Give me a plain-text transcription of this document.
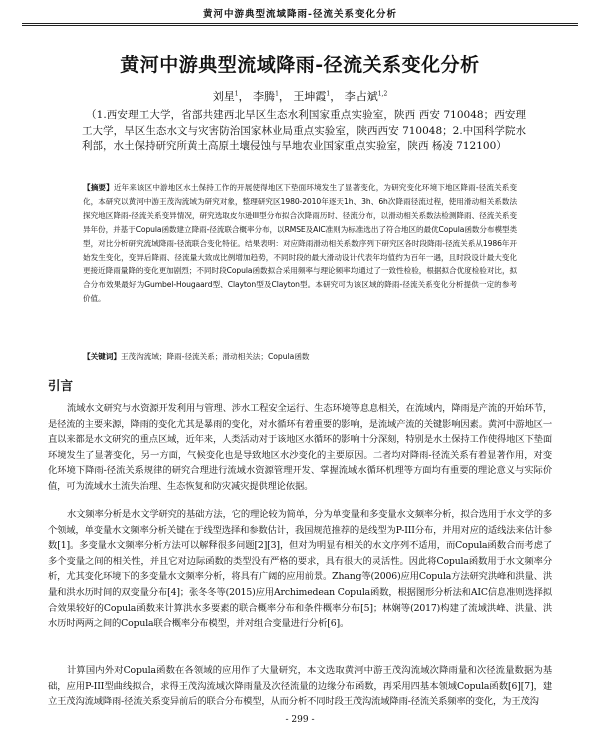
黄河中游典型流域降雨-径流关系变化分析
黄河中游典型流域降雨-径流关系变化分析
刘星$^1$， 李腾$^1$， 王坤霞$^1$， 李占斌$^{1,2}$
（1.西安理工大学，省部共建西北旱区生态水利国家重点实验室，陕西 西安 710048；西安理工大学，旱区生态水文与灾害防治国家林业局重点实验室，陕西西安 710048；2.中国科学院水利部，水土保持研究所黄土高原土壤侵蚀与旱地农业国家重点实验室，陕西 杨凌 712100）
【摘要】近年来该区中游地区水土保持工作的开展使得地区下垫面环境发生了显著变化，为研究变化环境下地区降雨-径流关系变化，本研究以黄河中游王茂沟流域为研究对象，整理研究区1980-2010年逐天1h、3h、6h次降雨径流过程，使用滑动相关系数法探究地区降雨-径流关系变异情况，研究选取皮尔逊III型分布拟合次降雨历时、径流分布，以滑动相关系数法检测降雨、径流关系变异年份，并基于Copula函数建立降雨-径流联合概率分布，以RMSE及AIC准则为标准选出了符合地区的最优Copula函数分布模型类型，对比分析研究流域降雨-径流联合变化特征。结果表明：对应降雨滑动相关系数序列下研究区各时段降雨-径流关系从1986年开始发生变化，变异后降雨、径流量大致成比例增加趋势，不同时段的最大滑动设计代表年均值约为百年一遇，且时段设计最大变化更接近降雨量降的变化更加剧烈；不同时段Copula函数拟合采用频率与理论频率均通过了一致性检验，根据拟合优度检验对比，拟合分布效果最好为Gumbel-Hougaard型、Clayton型及Clayton型。本研究可为该区域的降雨-径流关系变化分析提供一定的参考价值。
【关键词】王茂沟流域；降雨-径流关系；滑动相关法；Copula函数
引言
流域水文研究与水资源开发利用与管理、涉水工程安全运行、生态环境等息息相关，在流域内，降雨是产流的开始环节，是径流的主要来源，降雨的变化尤其是暴雨的变化，对水循环有着重要的影响，是流域产流的关键影响因素。黄河中游地区一直以来都是水文研究的重点区域，近年来，人类活动对于该地区水循环的影响十分深刻，特别是水土保持工作使得地区下垫面环境发生了显著变化，另一方面，气候变化也是导致地区水沙变化的主要原因。二者均对降雨-径流关系有着显著作用，对变化环境下降雨-径流关系规律的研究合理进行流域水资源管理开发、掌握流域水循环机理等方面均有重要的理论意义与实际价值，可为流域水土流失治理、生态恢复和防灾减灾提供理论依据。
水文频率分析是水文学研究的基础方法，它的理论较为简单，分为单变量和多变量水文频率分析，拟合选用于水文学的多个领域，单变量水文频率分析关键在于线型选择和参数估计，我国规范推荐的是线型为P-III分布，并用对应的适线法来估计参数[1]。多变量水文频率分析方法可以解释很多问题[2][3]，但对为明显有相关的水文序列不适用，而Copula函数合而考虑了多个变量之间的相关性，并且它对边际函数的类型没有严格的要求，具有很大的灵活性。因此将Copula函数用于水文频率分析，尤其变化环境下的多变量水文频率分析，将具有广阔的应用前景。Zhang等(2006)应用Copula方法研究洪峰和洪量、洪量和洪水历时间的双变量分布[4]；张冬冬等(2015)应用Archimedean Copula函数，根据图形分析法和AIC信息准则选择拟合效果较好的Copula函数来计算洪水多要素的联合概率分布和条件概率分布[5]；林娴等(2017)构建了流域洪峰、洪量、洪水历时两两之间的Copula联合概率分布模型，并对组合变量进行分析[6]。
计算国内外对Copula函数在各领域的应用作了大量研究，本文选取黄河中游王茂沟流域次降雨量和次径流量数据为基础，应用P-III型曲线拟合，求得王茂沟流域次降雨量及次径流量的边缘分布函数，再采用四基本领域Copula函数[6][7]，建立王茂沟流域降雨-径流关系变异前后的联合分布模型，从而分析不同时段王茂沟流域降雨-径流关系频率的变化，为王茂沟
- 299 -
